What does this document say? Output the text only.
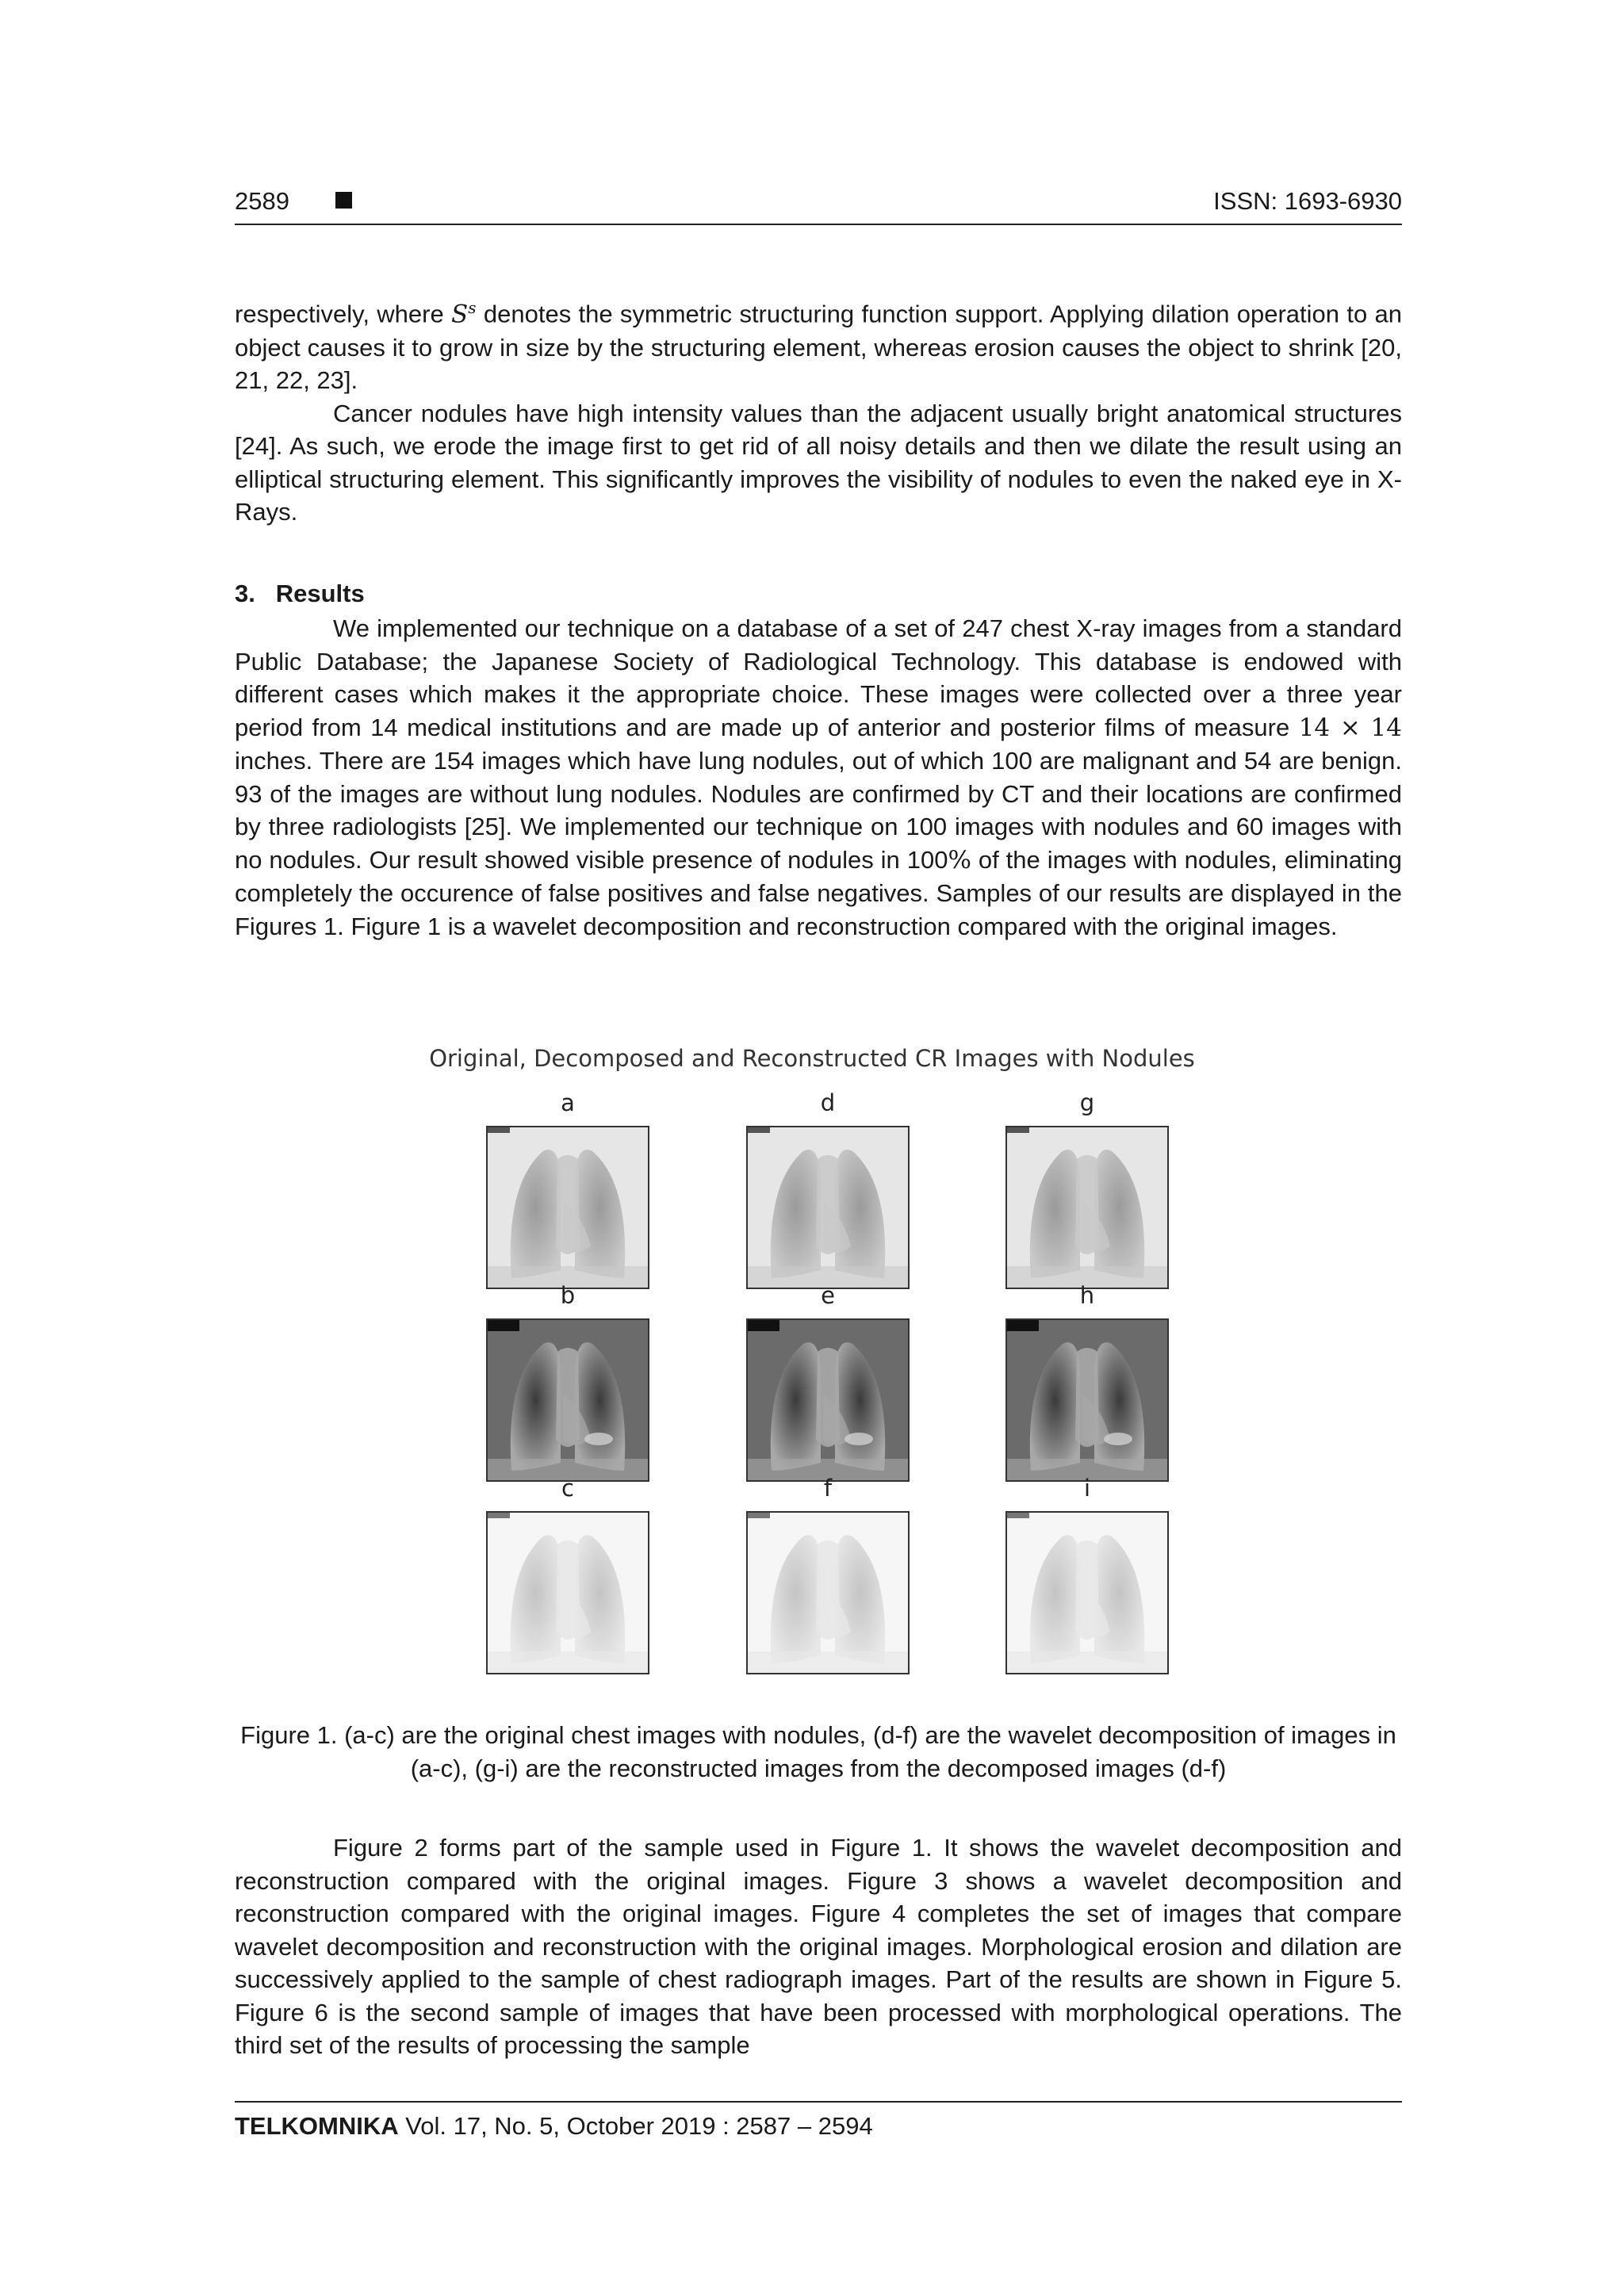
2589	ISSN: 1693-6930

respectively, where $S^s$ denotes the symmetric structuring function support. Applying dilation operation to an object causes it to grow in size by the structuring element, whereas erosion causes the object to shrink [20, 21, 22, 23].

Cancer nodules have high intensity values than the adjacent usually bright anatomical structures [24]. As such, we erode the image first to get rid of all noisy details and then we dilate the result using an elliptical structuring element. This significantly improves the visibility of nodules to even the naked eye in X-Rays.

3. Results

We implemented our technique on a database of a set of 247 chest X-ray images from a standard Public Database; the Japanese Society of Radiological Technology. This database is endowed with different cases which makes it the appropriate choice. These images were collected over a three year period from 14 medical institutions and are made up of anterior and posterior films of measure 14 × 14 inches. There are 154 images which have lung nodules, out of which 100 are malignant and 54 are benign. 93 of the images are without lung nodules. Nodules are confirmed by CT and their locations are confirmed by three radiologists [25]. We implemented our technique on 100 images with nodules and 60 images with no nodules. Our result showed visible presence of nodules in 100% of the images with nodules, eliminating completely the occurence of false positives and false negatives. Samples of our results are displayed in the Figures 1. Figure 1 is a wavelet decomposition and reconstruction compared with the original images.

Original, Decomposed and Reconstructed CR Images with Nodules
a	d	g
b	e	h
c	f	i
Figure 1. (a-c) are the original chest images with nodules, (d-f) are the wavelet decomposition of images in (a-c), (g-i) are the reconstructed images from the decomposed images (d-f)

Figure 2 forms part of the sample used in Figure 1. It shows the wavelet decomposition and reconstruction compared with the original images. Figure 3 shows a wavelet decomposition and reconstruction compared with the original images. Figure 4 completes the set of images that compare wavelet decomposition and reconstruction with the original images. Morphological erosion and dilation are successively applied to the sample of chest radiograph images. Part of the results are shown in Figure 5. Figure 6 is the second sample of images that have been processed with morphological operations. The third set of the results of processing the sample

TELKOMNIKA Vol. 17, No. 5, October 2019 : 2587 – 2594
